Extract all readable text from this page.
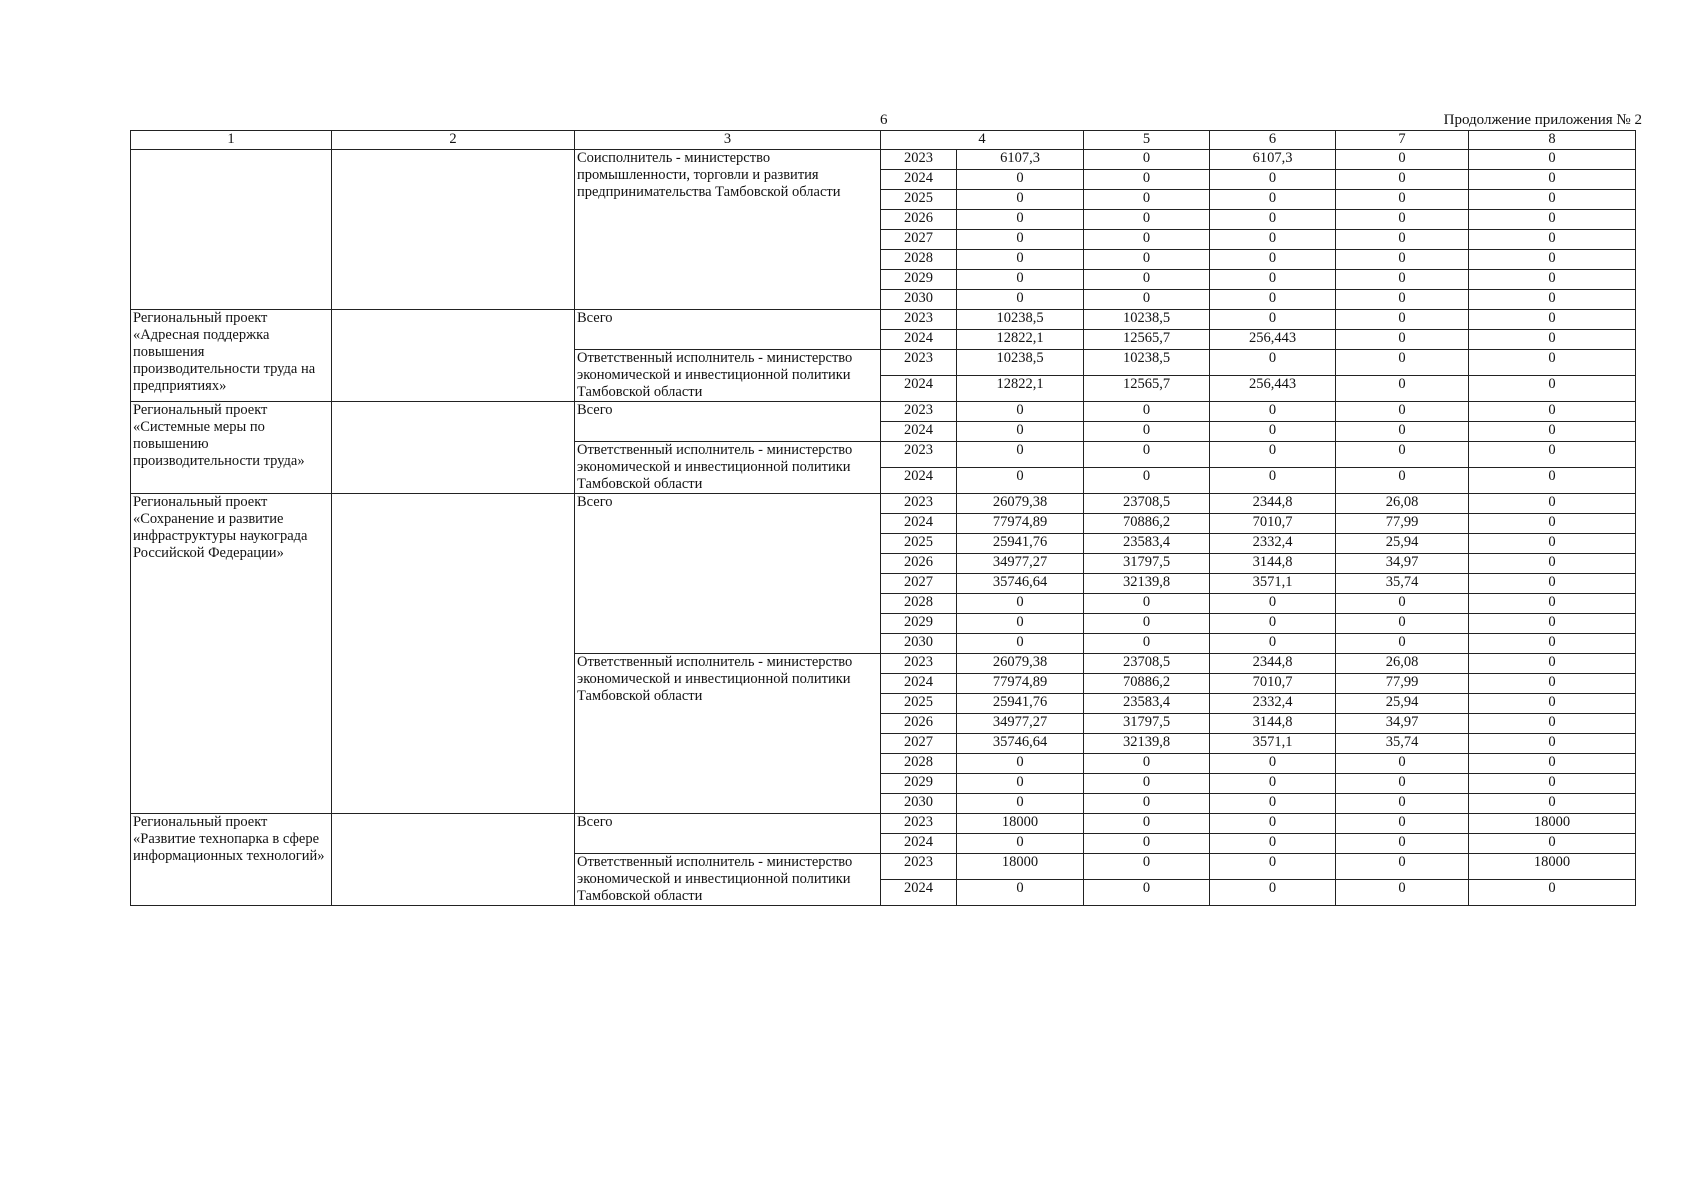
6	Продолжение приложения № 2
1	2	3	4		5	6	7	8
		Соисполнитель - министерство промышленности, торговли и развития предпринимательства Тамбовской области	2023	6107,3	0	6107,3	0	0
			2024	0	0	0	0	0
			2025	0	0	0	0	0
			2026	0	0	0	0	0
			2027	0	0	0	0	0
			2028	0	0	0	0	0
			2029	0	0	0	0	0
			2030	0	0	0	0	0
Региональный проект «Адресная поддержка повышения производительности труда на предприятиях»		Всего	2023	10238,5	10238,5	0	0	0
			2024	12822,1	12565,7	256,443	0	0
		Ответственный исполнитель - министерство экономической и инвестиционной политики Тамбовской области	2023	10238,5	10238,5	0	0	0
			2024	12822,1	12565,7	256,443	0	0
Региональный проект «Системные меры по повышению производительности труда»		Всего	2023	0	0	0	0	0
			2024	0	0	0	0	0
		Ответственный исполнитель - министерство экономической и инвестиционной политики Тамбовской области	2023	0	0	0	0	0
			2024	0	0	0	0	0
Региональный проект «Сохранение и развитие инфраструктуры наукограда Российской Федерации»		Всего	2023	26079,38	23708,5	2344,8	26,08	0
			2024	77974,89	70886,2	7010,7	77,99	0
			2025	25941,76	23583,4	2332,4	25,94	0
			2026	34977,27	31797,5	3144,8	34,97	0
			2027	35746,64	32139,8	3571,1	35,74	0
			2028	0	0	0	0	0
			2029	0	0	0	0	0
			2030	0	0	0	0	0
		Ответственный исполнитель - министерство экономической и инвестиционной политики Тамбовской области	2023	26079,38	23708,5	2344,8	26,08	0
			2024	77974,89	70886,2	7010,7	77,99	0
			2025	25941,76	23583,4	2332,4	25,94	0
			2026	34977,27	31797,5	3144,8	34,97	0
			2027	35746,64	32139,8	3571,1	35,74	0
			2028	0	0	0	0	0
			2029	0	0	0	0	0
			2030	0	0	0	0	0
Региональный проект «Развитие технопарка в сфере информационных технологий»		Всего	2023	18000	0	0	0	18000
			2024	0	0	0	0	0
		Ответственный исполнитель - министерство экономической и инвестиционной политики Тамбовской области	2023	18000	0	0	0	18000
			2024	0	0	0	0	0
